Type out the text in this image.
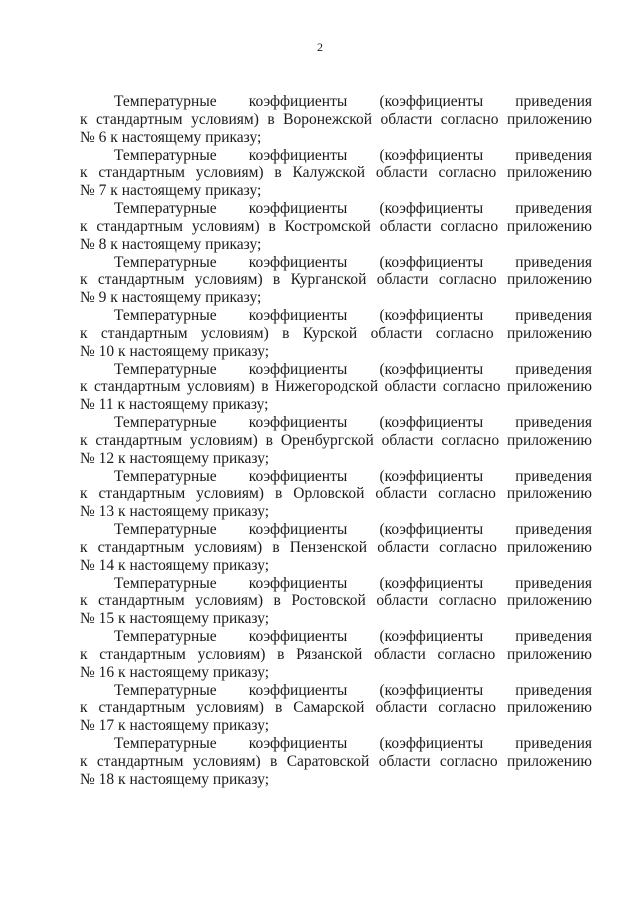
2
Температурные коэффициенты (коэффициенты приведения
к стандартным условиям) в Воронежской области согласно приложению
№ 6 к настоящему приказу;
Температурные коэффициенты (коэффициенты приведения
к стандартным условиям) в Калужской области согласно приложению
№ 7 к настоящему приказу;
Температурные коэффициенты (коэффициенты приведения
к стандартным условиям) в Костромской области согласно приложению
№ 8 к настоящему приказу;
Температурные коэффициенты (коэффициенты приведения
к стандартным условиям) в Курганской области согласно приложению
№ 9 к настоящему приказу;
Температурные коэффициенты (коэффициенты приведения
к стандартным условиям) в Курской области согласно приложению
№ 10 к настоящему приказу;
Температурные коэффициенты (коэффициенты приведения
к стандартным условиям) в Нижегородской области согласно приложению
№ 11 к настоящему приказу;
Температурные коэффициенты (коэффициенты приведения
к стандартным условиям) в Оренбургской области согласно приложению
№ 12 к настоящему приказу;
Температурные коэффициенты (коэффициенты приведения
к стандартным условиям) в Орловской области согласно приложению
№ 13 к настоящему приказу;
Температурные коэффициенты (коэффициенты приведения
к стандартным условиям) в Пензенской области согласно приложению
№ 14 к настоящему приказу;
Температурные коэффициенты (коэффициенты приведения
к стандартным условиям) в Ростовской области согласно приложению
№ 15 к настоящему приказу;
Температурные коэффициенты (коэффициенты приведения
к стандартным условиям) в Рязанской области согласно приложению
№ 16 к настоящему приказу;
Температурные коэффициенты (коэффициенты приведения
к стандартным условиям) в Самарской области согласно приложению
№ 17 к настоящему приказу;
Температурные коэффициенты (коэффициенты приведения
к стандартным условиям) в Саратовской области согласно приложению
№ 18 к настоящему приказу;
